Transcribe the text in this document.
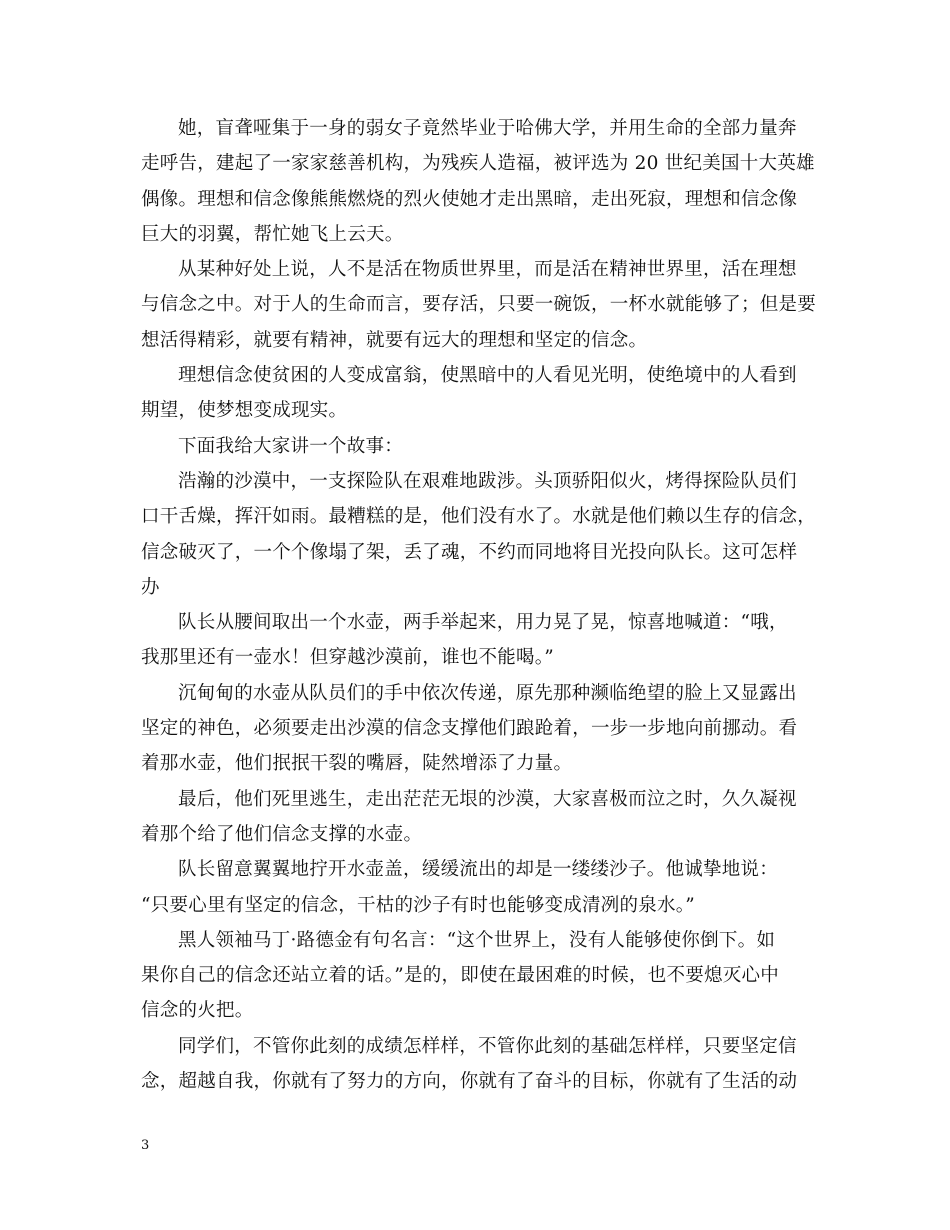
她，盲聋哑集于一身的弱女子竟然毕业于哈佛大学，并用生命的全部力量奔
走呼告，建起了一家家慈善机构，为残疾人造福，被评选为 20 世纪美国十大英雄
偶像。理想和信念像熊熊燃烧的烈火使她才走出黑暗，走出死寂，理想和信念像
巨大的羽翼，帮忙她飞上云天。
从某种好处上说，人不是活在物质世界里，而是活在精神世界里，活在理想
与信念之中。对于人的生命而言，要存活，只要一碗饭，一杯水就能够了；但是要
想活得精彩，就要有精神，就要有远大的理想和坚定的信念。
理想信念使贫困的人变成富翁，使黑暗中的人看见光明，使绝境中的人看到
期望，使梦想变成现实。
下面我给大家讲一个故事：
浩瀚的沙漠中，一支探险队在艰难地跋涉。头顶骄阳似火，烤得探险队员们
口干舌燥，挥汗如雨。最糟糕的是，他们没有水了。水就是他们赖以生存的信念，
信念破灭了，一个个像塌了架，丢了魂，不约而同地将目光投向队长。这可怎样
办
队长从腰间取出一个水壶，两手举起来，用力晃了晃，惊喜地喊道：“哦，
我那里还有一壶水！但穿越沙漠前，谁也不能喝。”
沉甸甸的水壶从队员们的手中依次传递，原先那种濒临绝望的脸上又显露出
坚定的神色，必须要走出沙漠的信念支撑他们踉跄着，一步一步地向前挪动。看
着那水壶，他们抿抿干裂的嘴唇，陡然增添了力量。
最后，他们死里逃生，走出茫茫无垠的沙漠，大家喜极而泣之时，久久凝视
着那个给了他们信念支撑的水壶。
队长留意翼翼地拧开水壶盖，缓缓流出的却是一缕缕沙子。他诚挚地说：
“只要心里有坚定的信念，干枯的沙子有时也能够变成清冽的泉水。”
黑人领袖马丁·路德金有句名言：“这个世界上，没有人能够使你倒下。如
果你自己的信念还站立着的话。”是的，即使在最困难的时候，也不要熄灭心中
信念的火把。
同学们，不管你此刻的成绩怎样样，不管你此刻的基础怎样样，只要坚定信
念，超越自我，你就有了努力的方向，你就有了奋斗的目标，你就有了生活的动
3
